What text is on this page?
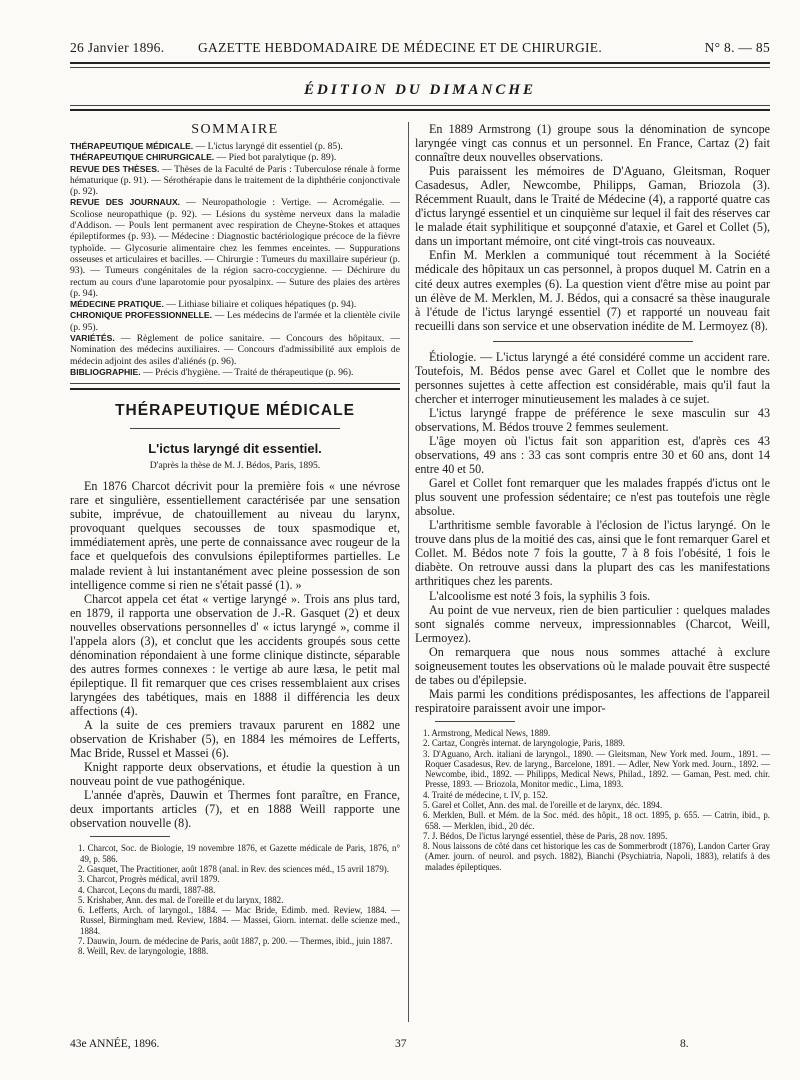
26 Janvier 1896. GAZETTE HEBDOMADAIRE DE MÉDECINE ET DE CHIRURGIE.	N° 8. — 85
ÉDITION DU DIMANCHE
SOMMAIRE

THÉRAPEUTIQUE MÉDICALE. — L'ictus laryngé dit essentiel (p. 85).

THÉRAPEUTIQUE CHIRURGICALE. — Pied bot paralytique (p. 89).

REVUE DES THÈSES. — Thèses de la Faculté de Paris : Tuberculose rénale à forme hématurique (p. 91). — Sérothérapie dans le traitement de la diphthérie conjonctivale (p. 92).

REVUE DES JOURNAUX. — Neuropathologie : Vertige. — Acromégalie. — Scoliose neuropathique (p. 92). — Lésions du système nerveux dans la maladie d'Addison. — Pouls lent permanent avec respiration de Cheyne-Stokes et attaques épileptiformes (p. 93). — Médecine : Diagnostic bactériologique précoce de la fièvre typhoïde. — Glycosurie alimentaire chez les femmes enceintes. — Suppurations osseuses et articulaires et bacilles. — Chirurgie : Tumeurs du maxillaire supérieur (p. 93). — Tumeurs congénitales de la région sacro-coccygienne. — Déchirure du rectum au cours d'une laparotomie pour pyosalpinx. — Suture des plaies des artères (p. 94).

MÉDECINE PRATIQUE. — Lithiase biliaire et coliques hépatiques (p. 94).

CHRONIQUE PROFESSIONNELLE. — Les médecins de l'armée et la clientèle civile (p. 95).

VARIÉTÉS. — Règlement de police sanitaire. — Concours des hôpitaux. — Nomination des médecins auxiliaires. — Concours d'admissibilité aux emplois de médecin adjoint des asiles d'aliénés (p. 96).

BIBLIOGRAPHIE. — Précis d'hygiène. — Traité de thérapeutique (p. 96).

THÉRAPEUTIQUE MÉDICALE
L'ictus laryngé dit essentiel.
D'après la thèse de M. J. Bédos, Paris, 1895.

En 1876 Charcot décrivit pour la première fois « une névrose rare et singulière, essentiellement caractérisée par une sensation subite, imprévue, de chatouillement au niveau du larynx, provoquant quelques secousses de toux spasmodique et, immédiatement après, une perte de connaissance avec rougeur de la face et quelquefois des convulsions épileptiformes partielles. Le malade revient à lui instantanément avec pleine possession de son intelligence comme si rien ne s'était passé (1). »

Charcot appela cet état « vertige laryngé ». Trois ans plus tard, en 1879, il rapporta une observation de J.-R. Gasquet (2) et deux nouvelles observations personnelles d' « ictus laryngé », comme il l'appela alors (3), et conclut que les accidents groupés sous cette dénomination répondaient à une forme clinique distincte, séparable des autres formes connexes : le vertige ab aure læsa, le petit mal épileptique. Il fit remarquer que ces crises ressemblaient aux crises laryngées des tabétiques, mais en 1888 il différencia les deux affections (4).

A la suite de ces premiers travaux parurent en 1882 une observation de Krishaber (5), en 1884 les mémoires de Lefferts, Mac Bride, Russel et Massei (6).

Knight rapporte deux observations, et étudie la question à un nouveau point de vue pathogénique.

L'année d'après, Dauwin et Thermes font paraître, en France, deux importants articles (7), et en 1888 Weill rapporte une observation nouvelle (8).

1. Charcot, Soc. de Biologie, 19 novembre 1876, et Gazette médicale de Paris, 1876, n° 49, p. 586.

2. Gasquet, The Practitioner, août 1878 (anal. in Rev. des sciences méd., 15 avril 1879).

3. Charcot, Progrès médical, avril 1879.

4. Charcot, Leçons du mardi, 1887-88.

5. Krishaber, Ann. des mal. de l'oreille et du larynx, 1882.

6. Lefferts, Arch. of laryngol., 1884. — Mac Bride, Edimb. med. Review, 1884. — Russel, Birmingham med. Review, 1884. — Massei, Giorn. internat. delle scienze med., 1884.

7. Dauwin, Journ. de médecine de Paris, août 1887, p. 200. — Thermes, ibid., juin 1887.

8. Weill, Rev. de laryngologie, 1888.

En 1889 Armstrong (1) groupe sous la dénomination de syncope laryngée vingt cas connus et un personnel. En France, Cartaz (2) fait connaître deux nouvelles observations.

Puis paraissent les mémoires de D'Aguano, Gleitsman, Roquer Casadesus, Adler, Newcombe, Philipps, Gaman, Briozola (3). Récemment Ruault, dans le Traité de Médecine (4), a rapporté quatre cas d'ictus laryngé essentiel et un cinquième sur lequel il fait des réserves car le malade était syphilitique et soupçonné d'ataxie, et Garel et Collet (5), dans un important mémoire, ont cité vingt-trois cas nouveaux.

Enfin M. Merklen a communiqué tout récemment à la Société médicale des hôpitaux un cas personnel, à propos duquel M. Catrin en a cité deux autres exemples (6). La question vient d'être mise au point par un élève de M. Merklen, M. J. Bédos, qui a consacré sa thèse inaugurale à l'étude de l'ictus laryngé essentiel (7) et rapporté un nouveau fait recueilli dans son service et une observation inédite de M. Lermoyez (8).

Étiologie. — L'ictus laryngé a été considéré comme un accident rare. Toutefois, M. Bédos pense avec Garel et Collet que le nombre des personnes sujettes à cette affection est considérable, mais qu'il faut la chercher et interroger minutieusement les malades à ce sujet.

L'ictus laryngé frappe de préférence le sexe masculin sur 43 observations, M. Bédos trouve 2 femmes seulement.

L'âge moyen où l'ictus fait son apparition est, d'après ces 43 observations, 49 ans : 33 cas sont compris entre 30 et 60 ans, dont 14 entre 40 et 50.

Garel et Collet font remarquer que les malades frappés d'ictus ont le plus souvent une profession sédentaire; ce n'est pas toutefois une règle absolue.

L'arthritisme semble favorable à l'éclosion de l'ictus laryngé. On le trouve dans plus de la moitié des cas, ainsi que le font remarquer Garel et Collet. M. Bédos note 7 fois la goutte, 7 à 8 fois l'obésité, 1 fois le diabète. On retrouve aussi dans la plupart des cas les manifestations arthritiques chez les parents.

L'alcoolisme est noté 3 fois, la syphilis 3 fois.

Au point de vue nerveux, rien de bien particulier : quelques malades sont signalés comme nerveux, impressionnables (Charcot, Weill, Lermoyez).

On remarquera que nous nous sommes attaché à exclure soigneusement toutes les observations où le malade pouvait être suspecté de tabes ou d'épilepsie.

Mais parmi les conditions prédisposantes, les affections de l'appareil respiratoire paraissent avoir une impor-

1. Armstrong, Medical News, 1889.

2. Cartaz, Congrès internat. de laryngologie, Paris, 1889.

3. D'Aguano, Arch. italiani de laryngol., 1890. — Gleitsman, New York med. Journ., 1891. — Roquer Casadesus, Rev. de laryng., Barcelone, 1891. — Adler, New York med. Journ., 1892. — Newcombe, ibid., 1892. — Philipps, Medical News, Philad., 1892. — Gaman, Pest. med. chir. Presse, 1893. — Briozola, Monitor medic., Lima, 1893.

4. Traité de médecine, t. IV, p. 152.

5. Garel et Collet, Ann. des mal. de l'oreille et de larynx, déc. 1894.

6. Merklen, Bull. et Mém. de la Soc. méd. des hôpit., 18 oct. 1895, p. 655. — Catrin, ibid., p. 658. — Merklen, ibid., 20 déc.

7. J. Bédos, De l'ictus laryngé essentiel, thèse de Paris, 28 nov. 1895.

8. Nous laissons de côté dans cet historique les cas de Sommerbrodt (1876), Landon Carter Gray (Amer. journ. of neurol. and psych. 1882), Bianchi (Psychiatria, Napoli, 1883), relatifs à des malades épileptiques.

43e ANNÉE, 1896.	37	8.
